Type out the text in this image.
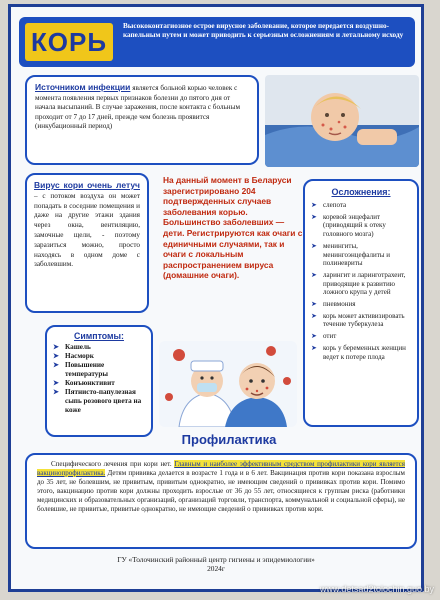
КОРЬ
Высококонтагиозное острое вирусное заболевание, которое передается воздушно-капельным путем и может приводить к серьезным осложнениям и летальному исходу
Источником инфекции является больной корью человек с момента появления первых признаков болезни до пятого дня от начала высыпаний. В случае заражения, после контакта с больным проходит от 7 до 17 дней, прежде чем болезнь проявится (инкубационный период)
Вирус кори очень летуч – с потоком воздуха он может попадать в соседние помещения и даже на другие этажи здания через окна, вентиляцию, замочные щели, - поэтому заразиться можно, просто находясь в одном доме с заболевшим.
На данный момент в Беларуси зарегистрировано 204 подтвержденных случаев заболевания корью. Большинство заболевших — дети. Регистрируются как очаги с единичными случаями, так и очаги с локальным распространением вируса (домашние очаги).
Осложнения:
➤ слепота
➤ коревой энцефалит (приводящий к отеку головного мозга)
➤ менингиты, менингоэнцефалиты и полиневриты
➤ ларингит и ларинготрахеит, приводящие к развитию ложного крупа у детей
➤ пневмония
➤ корь может активизировать течение туберкулеза
➤ отит
➤ корь у беременных женщин ведет к потере плода
Симптомы:
➤ Кашель
➤ Насморк
➤ Повышение температуры
➤ Конъюнктивит
➤ Пятнисто-папулезная сыпь розового цвета на коже
Профилактика
Специфического лечения при кори нет. Главным и наиболее эффективным средством профилактики кори является вакцинопрофилактика. Детям прививка делается в возрасте 1 года и в 6 лет. Вакцинация против кори показана взрослым до 35 лет, не болевшим, не привитым, привитым однократно, не имеющим сведений о прививках против кори. Помимо этого, вакцинацию против кори должны проходить взрослые от 36 до 55 лет, относящиеся к группам риска (работники медицинских и образовательных организаций, организаций торговли, транспорта, коммунальной и социальной сферы), не болевшие, не привитые, привитые однократно, не имеющие сведений о прививках против кори.
ГУ «Толочинский районный центр гигиены и эпидемиологии»
2024г
www.detsad2tolochin.guo.by
